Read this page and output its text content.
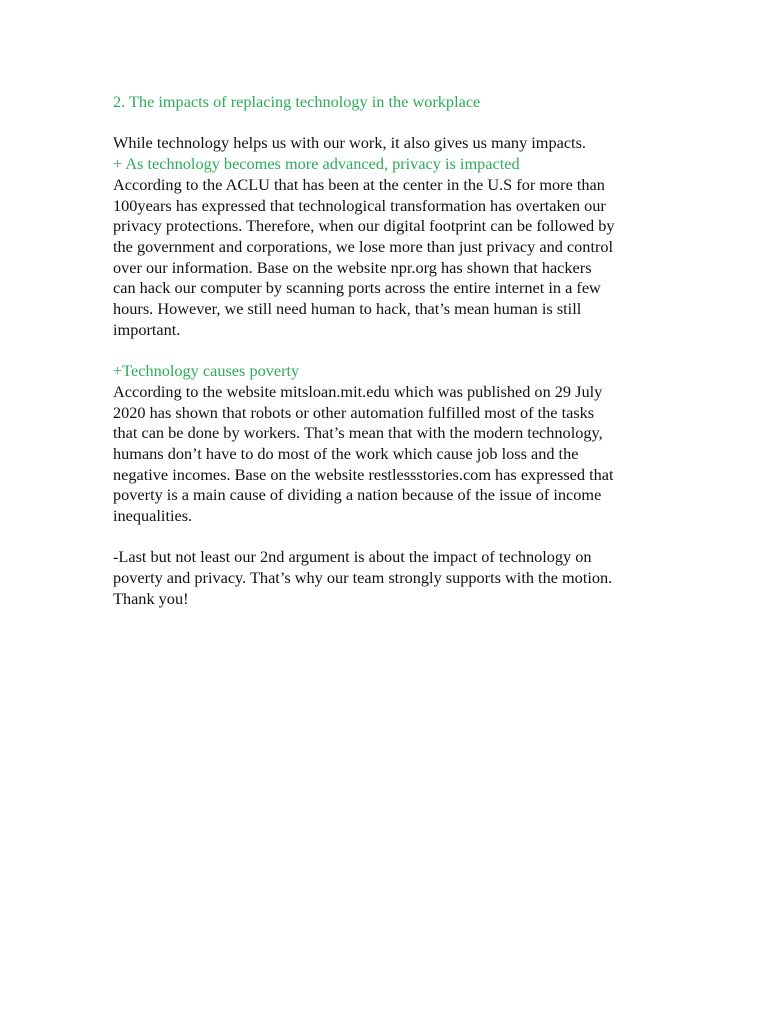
2. The impacts of replacing technology in the workplace
While technology helps us with our work, it also gives us many impacts.
+ As technology becomes more advanced, privacy is impacted
According to the ACLU that has been at the center in the U.S for more than
100years has expressed that technological transformation has overtaken our
privacy protections. Therefore, when our digital footprint can be followed by
the government and corporations, we lose more than just privacy and control
over our information. Base on the website npr.org has shown that hackers
can hack our computer by scanning ports across the entire internet in a few
hours. However, we still need human to hack, that’s mean human is still
important.
+Technology causes poverty
According to the website mitsloan.mit.edu which was published on 29 July
2020 has shown that robots or other automation fulfilled most of the tasks
that can be done by workers. That’s mean that with the modern technology,
humans don’t have to do most of the work which cause job loss and the
negative incomes. Base on the website restlessstories.com has expressed that
poverty is a main cause of dividing a nation because of the issue of income
inequalities.
-Last but not least our 2nd argument is about the impact of technology on
poverty and privacy. That’s why our team strongly supports with the motion.
Thank you!
